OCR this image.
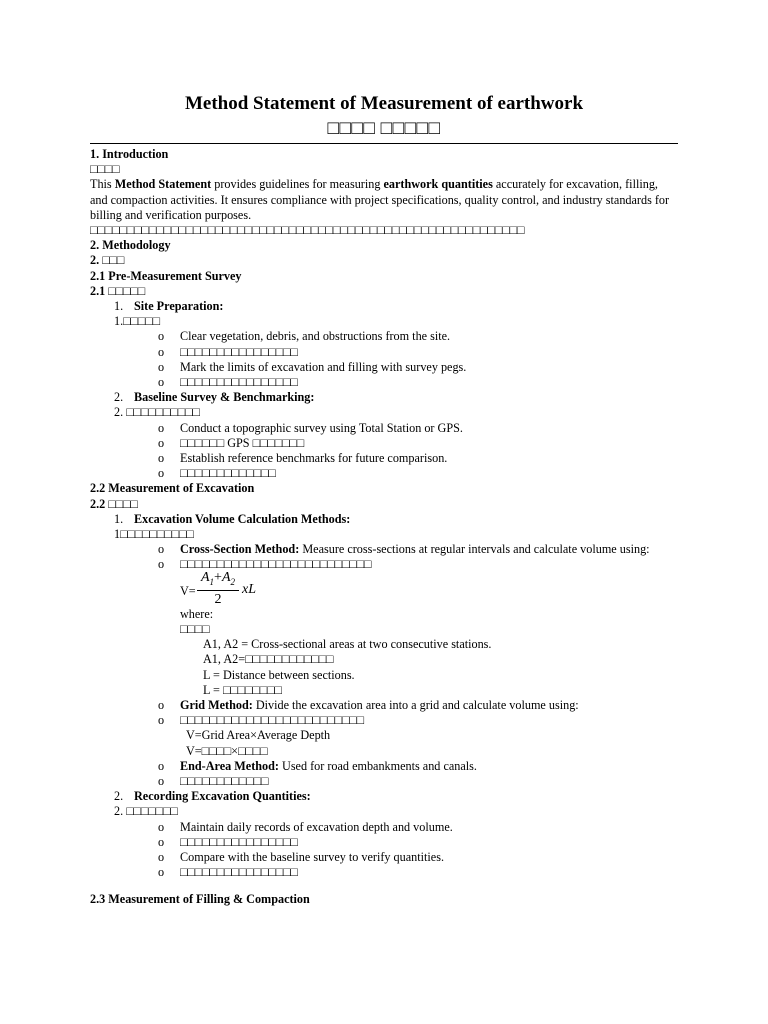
Method Statement of Measurement of earthwork

□□□□ □□□□□

1. Introduction

□□□□

This Method Statement provides guidelines for measuring earthwork quantities accurately for excavation, filling, and compaction activities. It ensures compliance with project specifications, quality control, and industry standards for billing and verification purposes.

□□□□□□□□□□□□□□□□□□□□□□□□□□□□□□□□□□□□□□□□□□□□□□□□□□□□□□□□□□□

2. Methodology

2. □□□

2.1 Pre-Measurement Survey

2.1 □□□□□

1. Site Preparation:

1.□□□□□

o Clear vegetation, debris, and obstructions from the site.

o □□□□□□□□□□□□□□□□

o Mark the limits of excavation and filling with survey pegs.

o □□□□□□□□□□□□□□□□

2. Baseline Survey & Benchmarking:

2. □□□□□□□□□□

o Conduct a topographic survey using Total Station or GPS.

o □□□□□□ GPS □□□□□□□

o Establish reference benchmarks for future comparison.

o □□□□□□□□□□□□□

2.2 Measurement of Excavation

2.2 □□□□

1. Excavation Volume Calculation Methods:

1□□□□□□□□□□

o Cross-Section Method: Measure cross-sections at regular intervals and calculate volume using:

o □□□□□□□□□□□□□□□□□□□□□□□□□□

$V= \frac{A_1+A_2}{2}$ xL

where:

□□□□

A1, A2 = Cross-sectional areas at two consecutive stations.

A1, A2=□□□□□□□□□□□□

L = Distance between sections.

L = □□□□□□□□

o Grid Method: Divide the excavation area into a grid and calculate volume using:

o □□□□□□□□□□□□□□□□□□□□□□□□□

V=Grid Area×Average Depth

V=□□□□×□□□□

o End-Area Method: Used for road embankments and canals.

o □□□□□□□□□□□□

2. Recording Excavation Quantities:

2. □□□□□□□

o Maintain daily records of excavation depth and volume.

o □□□□□□□□□□□□□□□□

o Compare with the baseline survey to verify quantities.

o □□□□□□□□□□□□□□□□

2.3 Measurement of Filling & Compaction
